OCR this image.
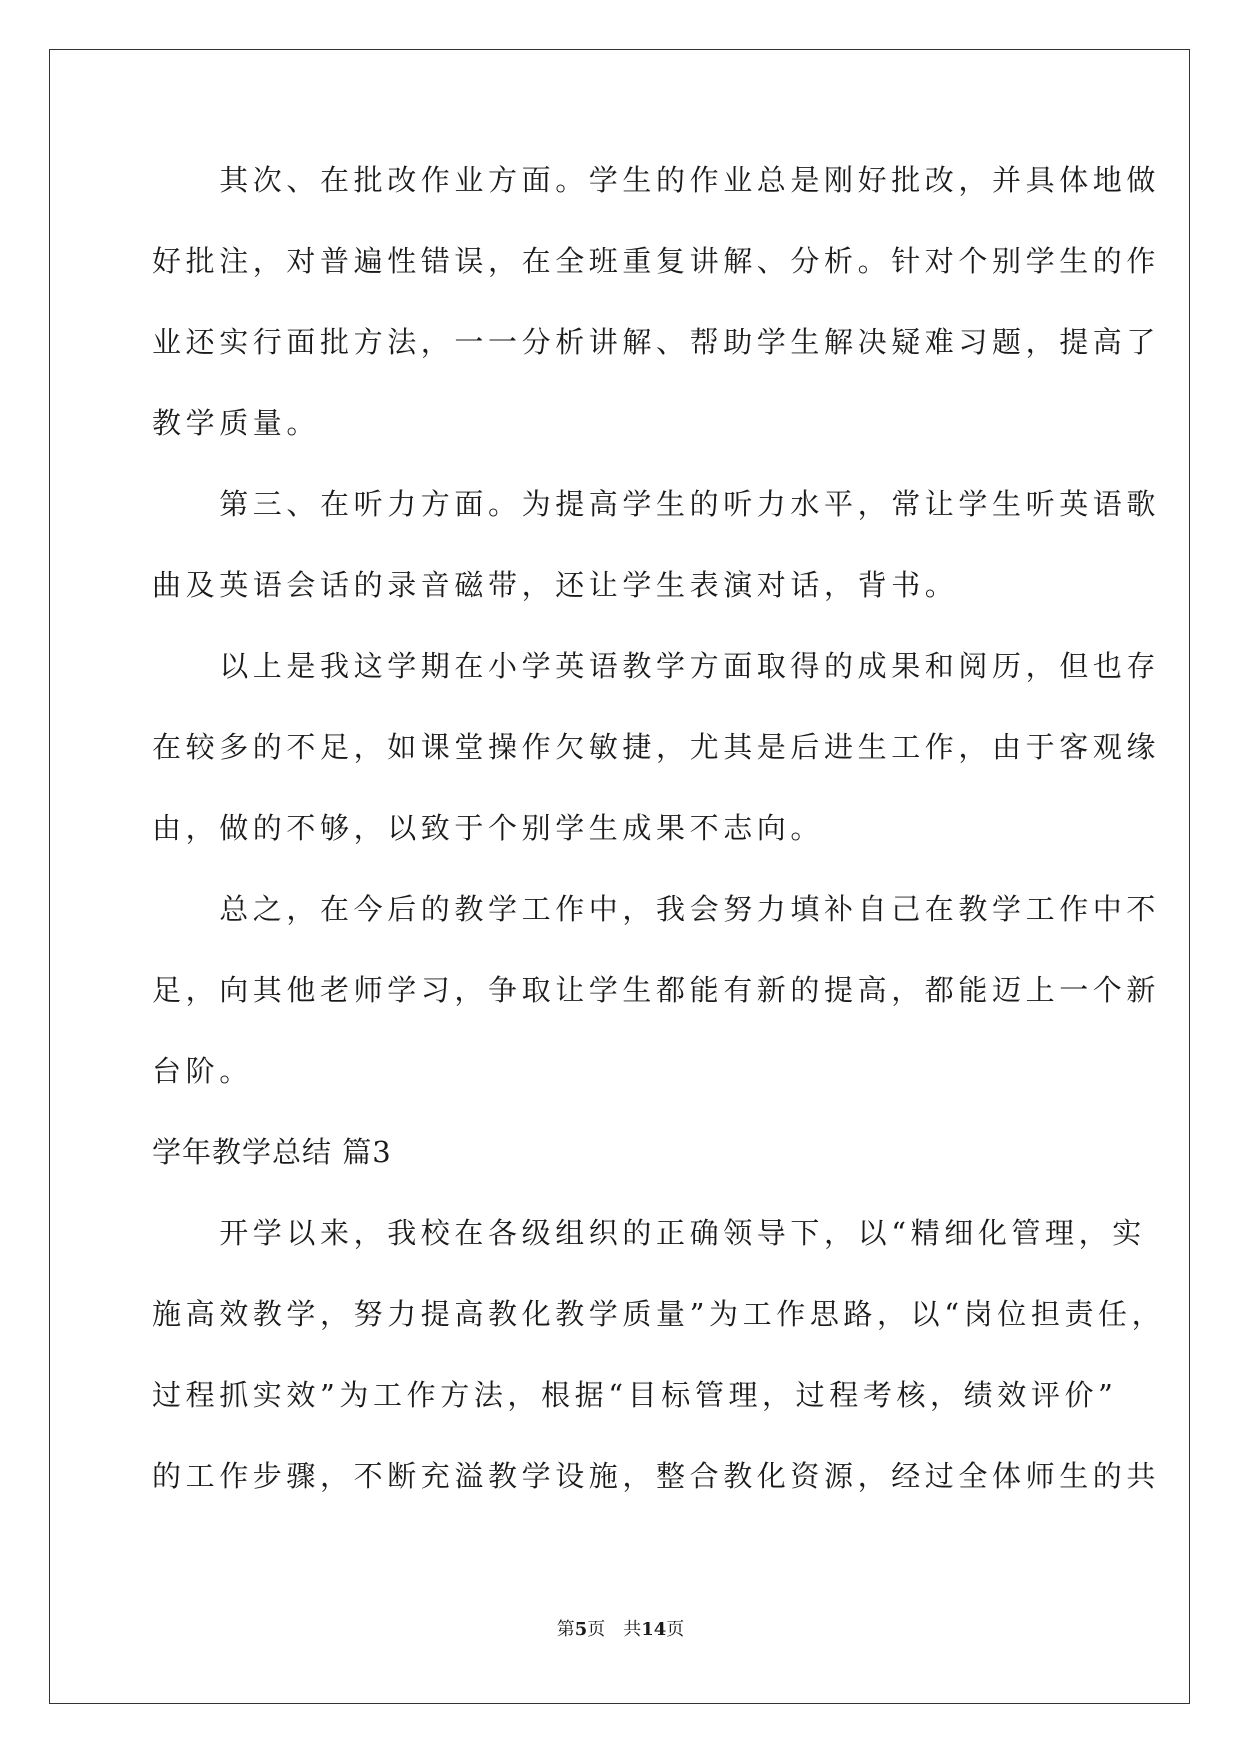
　　其次、在批改作业方面。学生的作业总是刚好批改，并具体地做
好批注，对普遍性错误，在全班重复讲解、分析。针对个别学生的作
业还实行面批方法，一一分析讲解、帮助学生解决疑难习题，提高了
教学质量。
　　第三、在听力方面。为提高学生的听力水平，常让学生听英语歌
曲及英语会话的录音磁带，还让学生表演对话，背书。
　　以上是我这学期在小学英语教学方面取得的成果和阅历，但也存
在较多的不足，如课堂操作欠敏捷，尤其是后进生工作，由于客观缘
由，做的不够，以致于个别学生成果不志向。
　　总之，在今后的教学工作中，我会努力填补自己在教学工作中不
足，向其他老师学习，争取让学生都能有新的提高，都能迈上一个新
台阶。
学年教学总结 篇3
　　开学以来，我校在各级组织的正确领导下，以“精细化管理，实
施高效教学，努力提高教化教学质量”为工作思路，以“岗位担责任，
过程抓实效”为工作方法，根据“目标管理，过程考核，绩效评价”
的工作步骤，不断充溢教学设施，整合教化资源，经过全体师生的共
第5页　共14页
